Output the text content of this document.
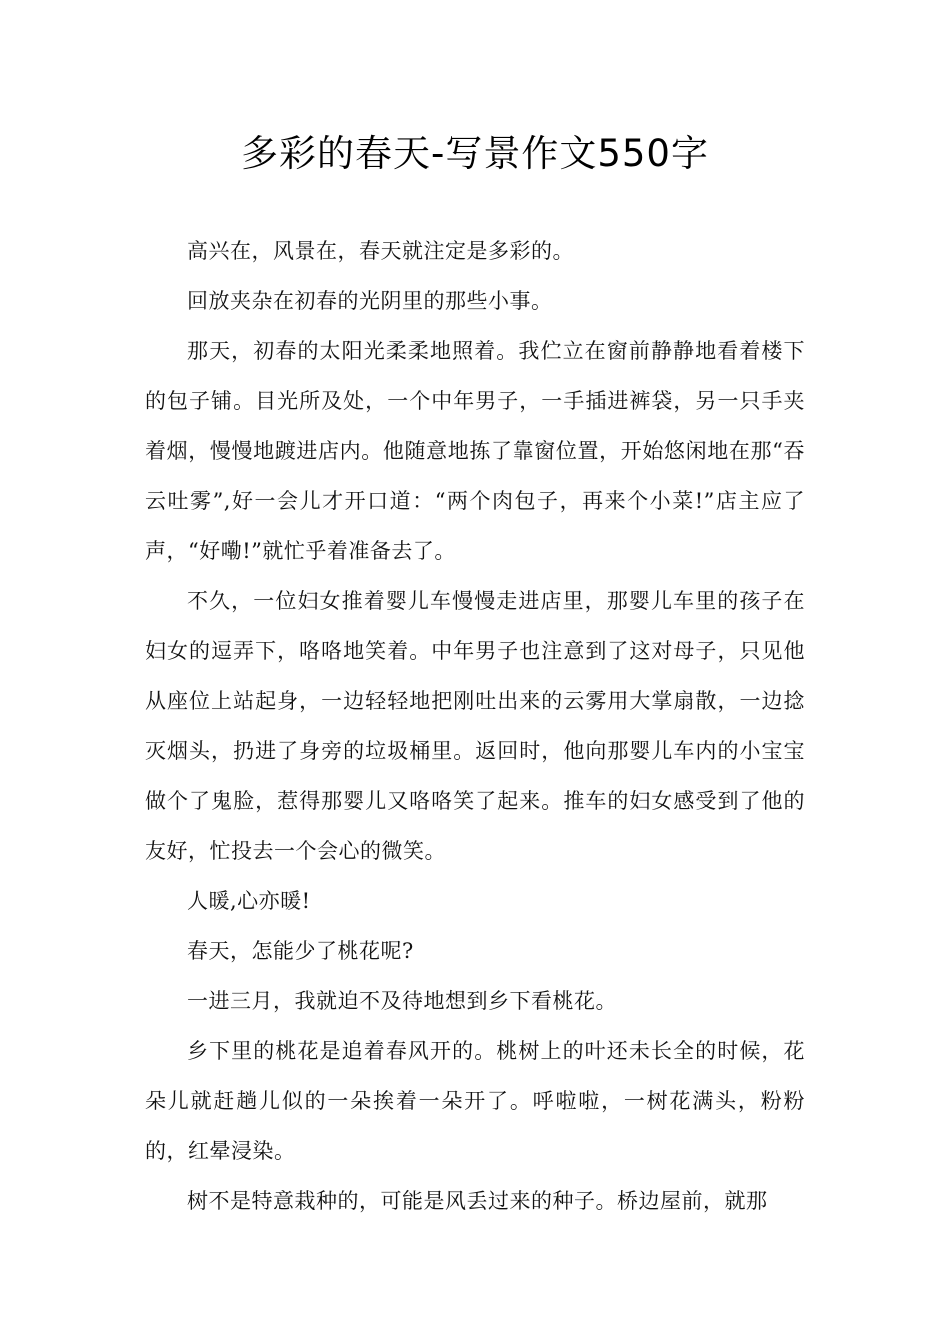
多彩的春天-写景作文550字

高兴在，风景在，春天就注定是多彩的。

回放夹杂在初春的光阴里的那些小事。

那天，初春的太阳光柔柔地照着。我伫立在窗前静静地看着楼下的包子铺。目光所及处，一个中年男子，一手插进裤袋，另一只手夹着烟，慢慢地踱进店内。他随意地拣了靠窗位置，开始悠闲地在那“吞云吐雾”,好一会儿才开口道：“两个肉包子，再来个小菜!”店主应了声，“好嘞!”就忙乎着准备去了。

不久，一位妇女推着婴儿车慢慢走进店里，那婴儿车里的孩子在妇女的逗弄下，咯咯地笑着。中年男子也注意到了这对母子，只见他从座位上站起身，一边轻轻地把刚吐出来的云雾用大掌扇散，一边捻灭烟头，扔进了身旁的垃圾桶里。返回时，他向那婴儿车内的小宝宝做个了鬼脸，惹得那婴儿又咯咯笑了起来。推车的妇女感受到了他的友好，忙投去一个会心的微笑。

人暖,心亦暖!

春天，怎能少了桃花呢?

一进三月，我就迫不及待地想到乡下看桃花。

乡下里的桃花是追着春风开的。桃树上的叶还未长全的时候，花朵儿就赶趟儿似的一朵挨着一朵开了。呼啦啦，一树花满头，粉粉的，红晕浸染。

树不是特意栽种的，可能是风丢过来的种子。桥边屋前，就那
